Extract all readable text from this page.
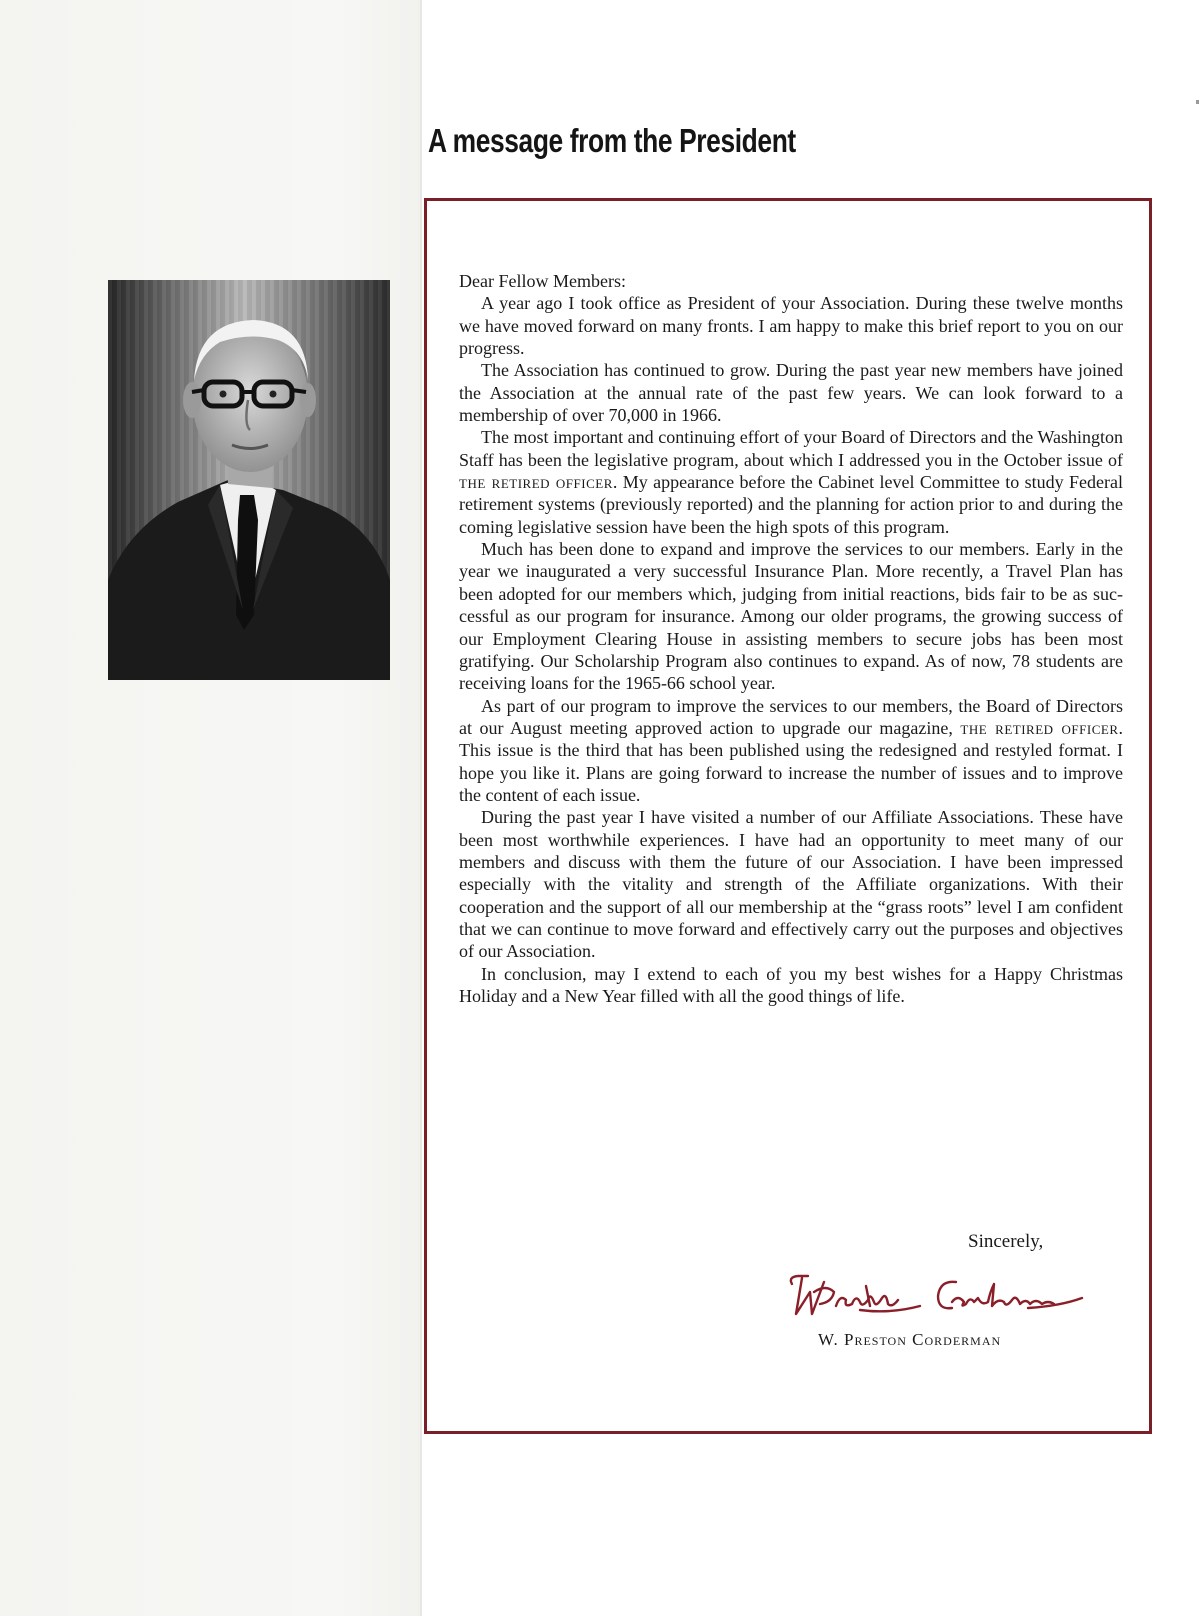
A message from the President

Dear Fellow Members:

A year ago I took office as President of your Association. During these twelve months we have moved forward on many fronts. I am happy to make this brief report to you on our progress.

The Association has continued to grow. During the past year new members have joined the Association at the annual rate of the past few years. We can look forward to a membership of over 70,000 in 1966.

The most important and continuing effort of your Board of Directors and the Washington Staff has been the legislative program, about which I addressed you in the October issue of the retired officer. My appearance before the Cabinet level Committee to study Federal retirement systems (previously reported) and the planning for action prior to and during the coming legislative session have been the high spots of this program.

Much has been done to expand and improve the services to our members. Early in the year we inaugurated a very successful Insurance Plan. More recently, a Travel Plan has been adopted for our members which, judging from initial reactions, bids fair to be as successful as our program for insurance. Among our older programs, the growing success of our Employment Clearing House in assisting members to secure jobs has been most gratifying. Our Scholarship Program also continues to expand. As of now, 78 students are receiving loans for the 1965-66 school year.

As part of our program to improve the services to our members, the Board of Directors at our August meeting approved action to upgrade our magazine, the retired officer. This issue is the third that has been published using the redesigned and restyled format. I hope you like it. Plans are going forward to increase the number of issues and to improve the content of each issue.

During the past year I have visited a number of our Affiliate Associations. These have been most worthwhile experiences. I have had an opportunity to meet many of our members and discuss with them the future of our Association. I have been impressed especially with the vitality and strength of the Affiliate organizations. With their cooperation and the support of all our membership at the “grass roots” level I am confident that we can continue to move forward and effectively carry out the purposes and objectives of our Association.

In conclusion, may I extend to each of you my best wishes for a Happy Christmas Holiday and a New Year filled with all the good things of life.

Sincerely,
W. Preston Corderman
